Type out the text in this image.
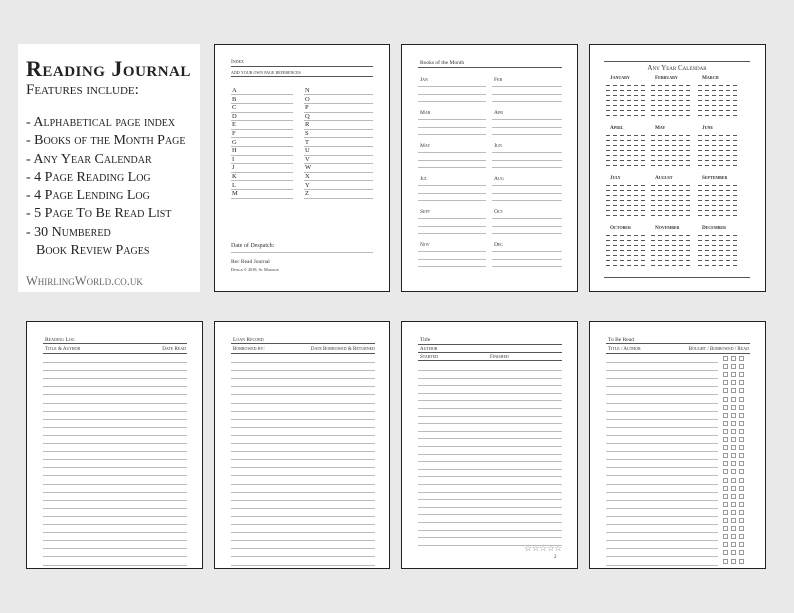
Reading Journal
Features include:
- Alphabetical page index
- Books of the Month Page
- Any Year Calendar
- 4 Page Reading Log
- 4 Page Lending Log
- 5 Page To Be Read List
- 30 Numbered
Book Review Pages
WhirlingWorld.co.uk
Index
add your own page references
Date of Despatch:
Rec Read Journal
Design © 2018, Sc Morison
A	N
B	O
C	P
D	Q
E	R
F	S
G	T
H	U
I	V
J	W
K	X
L	Y
M	Z
Books of the Month
Jan	Feb
Mar	Apr
May	Jun
Jul	Aug
Sept	Oct
Nov	Dec
Any Year Calendar
January	February	March
April	May	June
July	August	September
October	November	December
Reading Log
Title & Author	Date Read
Loan Record
Borrowed by:	Date Borrowed & Returned
Title
Author
Started	Finished
☆☆☆☆☆
2
To Be Read
Title / Author	Bought / Borrowed / Read
